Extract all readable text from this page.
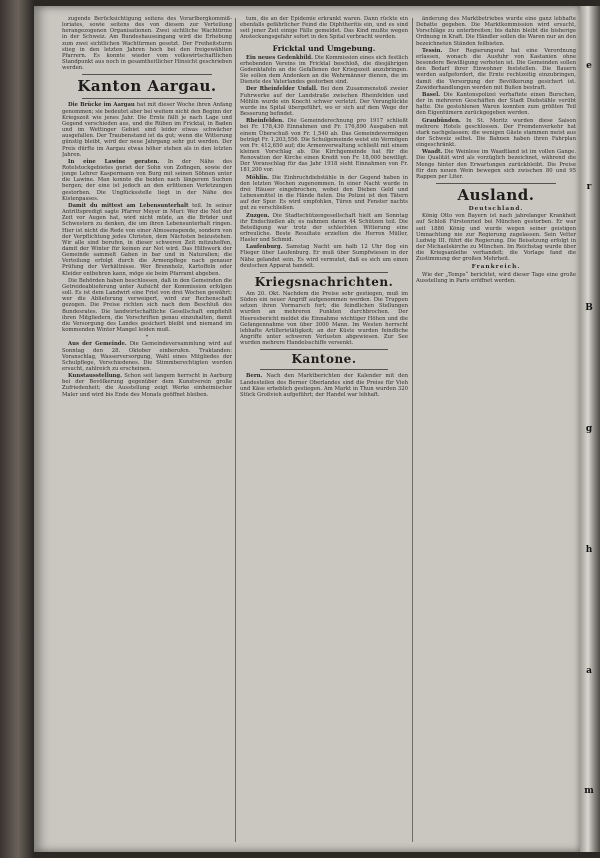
zugende Berücksichtigung seitens des Vorarlbergkommiß- loriates, sowie seitens des von diesem zur Verteilung herangezogenen Organisationen. Zwei sichtliche Wachtürme in der Schweiz. Am Bundeshauseingang wird die Erhebung zum zwei sichtlichen Wachtürmen gesetzt. Der Freiheitsturm stieg in den letzten Jahren hoch bei den freigewählten Pfarrern. Es konnte wieder vom volkswirtschaftlichen Standpunkt aus noch in gesamtheitlicher Hinsicht geschrieben werden.

Kanton Aargau.

Die Brücke im Aargau hat mit dieser Woche ihren Anfang genommen; sie bedeutet aber bei weitem nicht den Beginn der Kriegszeit wie jenes Jahr. Die Ernte fällt je nach Lage und Gegend verschieden aus, und die Rüben im Fricktal, in Baden und im Wettinger Gebiet sind leider etwas schwächer ausgefallen. Der Traubenstand ist da gut; wenn die Witterung günstig bleibt, wird der neue Jahrgang sehr gut werden. Der Preis dürfte im Aargau etwas höher stehen als in den letzten Jahren.

In eine Lawine geraten. In der Nähe des Rotelstockgebietes geriet der Sohn von Zofingen, sowie der junge Lehrer Kaspermann von Burg mit seinen Söhnen unter die Lawine. Man konnte die beiden nach längerem Suchen bergen; der eine ist jedoch an den erlittenen Verletzungen gestorben. Die Unglücksstelle liegt in der Nähe des Kistenpasses.

Damit du mittest am Lebensunterhalt teil. In seiner Antrittspredigt sagte Pfarrer Meyer in Muri: Wer die Not der Zeit vor Augen hat, wird nicht müde, an die Brüder und Schwestern zu denken, die um ihren Lebensunterhalt ringen. Hier ist nicht die Rede von einer Almosenspende, sondern von der Verpflichtung jedes Christen, dem Nächsten beizustehen. Wir alle sind berufen, in dieser schweren Zeit mitzuhelfen, damit der Winter für keinen zur Not wird. Das Hilfswerk der Gemeinde sammelt Gaben in bar und in Naturalien; die Verteilung erfolgt durch die Armenpflege nach genauer Prüfung der Verhältnisse. Wer Brennholz, Kartoffeln oder Kleider entbehren kann, möge sie beim Pfarramt abgeben.

Die Behörden haben beschlossen, daß in den Gemeinden die Getreideablieferung unter Aufsicht der Kommission erfolgen soll. Es ist dem Landwirt eine Frist von drei Wochen gewährt; wer die Ablieferung verweigert, wird zur Rechenschaft gezogen. Die Preise richten sich nach dem Beschluß des Bundesrates. Die landwirtschaftliche Gesellschaft empfiehlt ihren Mitgliedern, die Vorschriften genau einzuhalten, damit die Versorgung des Landes gesichert bleibt und niemand im kommenden Winter Mangel leiden muß.

*

Aus der Gemeinde. Die Gemeindeversammlung wird auf Sonntag den 28. Oktober einberufen. Traktanden: Voranschlag, Wasserversorgung, Wahl eines Mitgliedes der Schulpflege, Verschiedenes. Die Stimmberechtigten werden ersucht, zahlreich zu erscheinen.

Kunstausstellung. Schon seit langem herrscht in Aarburg bei der Bevölkerung gegenüber dem Kunstverein große Zufriedenheit; die Ausstellung zeigt Werke einheimischer Maler und wird bis Ende des Monats geöffnet bleiben.

tum, die an der Epidemie erkrankt waren. Dann rückte ein ebenfalls gefährlicher Feind die Diphtheritis ein, und es sind seit jener Zeit einige Fälle gemeldet. Das Kind mußte wegen Ansteckungsgefahr sofort in den Spital verbracht werden.

Fricktal und Umgebung.

Ein neues Gedenkbild. Die Kommission eines sich festlich erhebenden Vereins im Fricktal beschloß, die diesjährigen Gedenktafeln an die Gefallenen der Kriegszeit anzubringen. Sie sollen dem Andenken an die Wehrmänner dienen, die im Dienste des Vaterlandes gestorben sind.

Der Rheinfelder Unfall. Bei dem Zusammenstoß zweier Fuhrwerke auf der Landstraße zwischen Rheinfelden und Möhlin wurde ein Knecht schwer verletzt. Der Verunglückte wurde ins Spital übergeführt, wo er sich auf dem Wege der Besserung befindet.

Rheinfelden. Die Gemeinderechnung pro 1917 schließt bei Fr. 178,430 Einnahmen und Fr. 176,890 Ausgaben mit einem Überschuß von Fr. 1,540 ab. Das Gemeindevermögen beträgt Fr. 1,203,556. Die Schulgemeinde weist ein Vermögen von Fr. 412,650 auf; die Armenverwaltung schließt mit einem kleinen Vorschlag ab. Die Kirchgemeinde hat für die Renovation der Kirche einen Kredit von Fr. 18,000 bewilligt. Der Voranschlag für das Jahr 1918 sieht Einnahmen von Fr. 181,200 vor.

Möhlin. Die Einbruchdiebstähle in der Gegend haben in den letzten Wochen zugenommen. In einer Nacht wurde in drei Häuser eingebrochen, wobei den Dieben Geld und Lebensmittel in die Hände fielen. Die Polizei ist den Tätern auf der Spur. Es wird empfohlen, Türen und Fenster nachts gut zu verschließen.

Zuzgen. Die Stadtschützengesellschaft hielt am Sonntag ihr Endschießen ab; es nahmen daran 44 Schützen teil. Die Beteiligung war trotz der schlechten Witterung eine erfreuliche. Beste Resultate erzielten die Herren Müller, Hasler und Schmid.

Laufenburg. Samstag Nacht um halb 12 Uhr flog ein Flieger über Laufenburg. Er muß über Sumpfwiesen in der Nähe gelandet sein. Es wird vermutet, daß es sich um einen deutschen Apparat handelt.

Kriegsnachrichten.

Am 20. Okt. Nachdem die Preise sehr gestiegen, muß im Süden ein neuer Angriff aufgenommen werden. Die Truppen setzen ihren Vormarsch fort; die feindlichen Stellungen wurden an mehreren Punkten durchbrochen. Der Heeresbericht meldet die Einnahme wichtiger Höhen und die Gefangennahme von über 3000 Mann. Im Westen herrscht lebhafte Artillerietätigkeit; an der Küste wurden feindliche Angriffe unter schweren Verlusten abgewiesen. Zur See wurden mehrere Handelsschiffe versenkt.

Kantone.

Bern. Nach den Marktberichten der Kalender mit den Landesteilen des Berner Oberlandes sind die Preise für Vieh und Käse erheblich gestiegen. Am Markt in Thun wurden 320 Stück Großvieh aufgeführt; der Handel war lebhaft.

änderung des Marktbetriebes wurde eine ganz lebhafte Debatte gegeben. Die Marktkommission wird ersucht, Vorschläge zu unterbreiten; bis dahin bleibt die bisherige Ordnung in Kraft. Die Händler sollen die Waren nur an den bezeichneten Ständen feilbieten.

Tessin. Der Regierungsrat hat eine Verordnung erlassen, wonach die Ausfuhr von Kastanien ohne besondere Bewilligung verboten ist. Die Gemeinden sollen den Bedarf ihrer Einwohner feststellen. Die Bauern werden aufgefordert, die Ernte rechtzeitig einzubringen, damit die Versorgung der Bevölkerung gesichert ist. Zuwiderhandlungen werden mit Bußen bestraft.

Basel. Die Kantonspolizei verhaftete einen Burschen, der in mehreren Geschäften der Stadt Diebstähle verübt hatte. Die gestohlenen Waren konnten zum größten Teil den Eigentümern zurückgegeben werden.

Graubünden. In St. Moritz wurden diese Saison mehrere Hotels geschlossen. Der Fremdenverkehr hat stark nachgelassen; die wenigen Gäste stammen meist aus der Schweiz selbst. Die Bahnen haben ihren Fahrplan eingeschränkt.

Waadt. Die Weinlese im Waadtland ist im vollen Gange. Die Qualität wird als vorzüglich bezeichnet, während die Menge hinter den Erwartungen zurückbleibt. Die Preise für den neuen Wein bewegen sich zwischen 80 und 95 Rappen per Liter.

Ausland.
Deutschland.

König Otto von Bayern ist nach jahrelanger Krankheit auf Schloß Fürstenried bei München gestorben. Er war seit 1886 König und wurde wegen seiner geistigen Umnachtung nie zur Regierung zugelassen. Sein Vetter Ludwig III. führt die Regierung. Die Beisetzung erfolgt in der Michaelskirche zu München. Im Reichstag wurde über die Kriegsanleihe verhandelt; die Vorlage fand die Zustimmung der großen Mehrheit.

Frankreich.

Wie der „Temps“ berichtet, wird dieser Tage eine große Ausstellung in Paris eröffnet werden.

e
r
B
g
h
a
m
